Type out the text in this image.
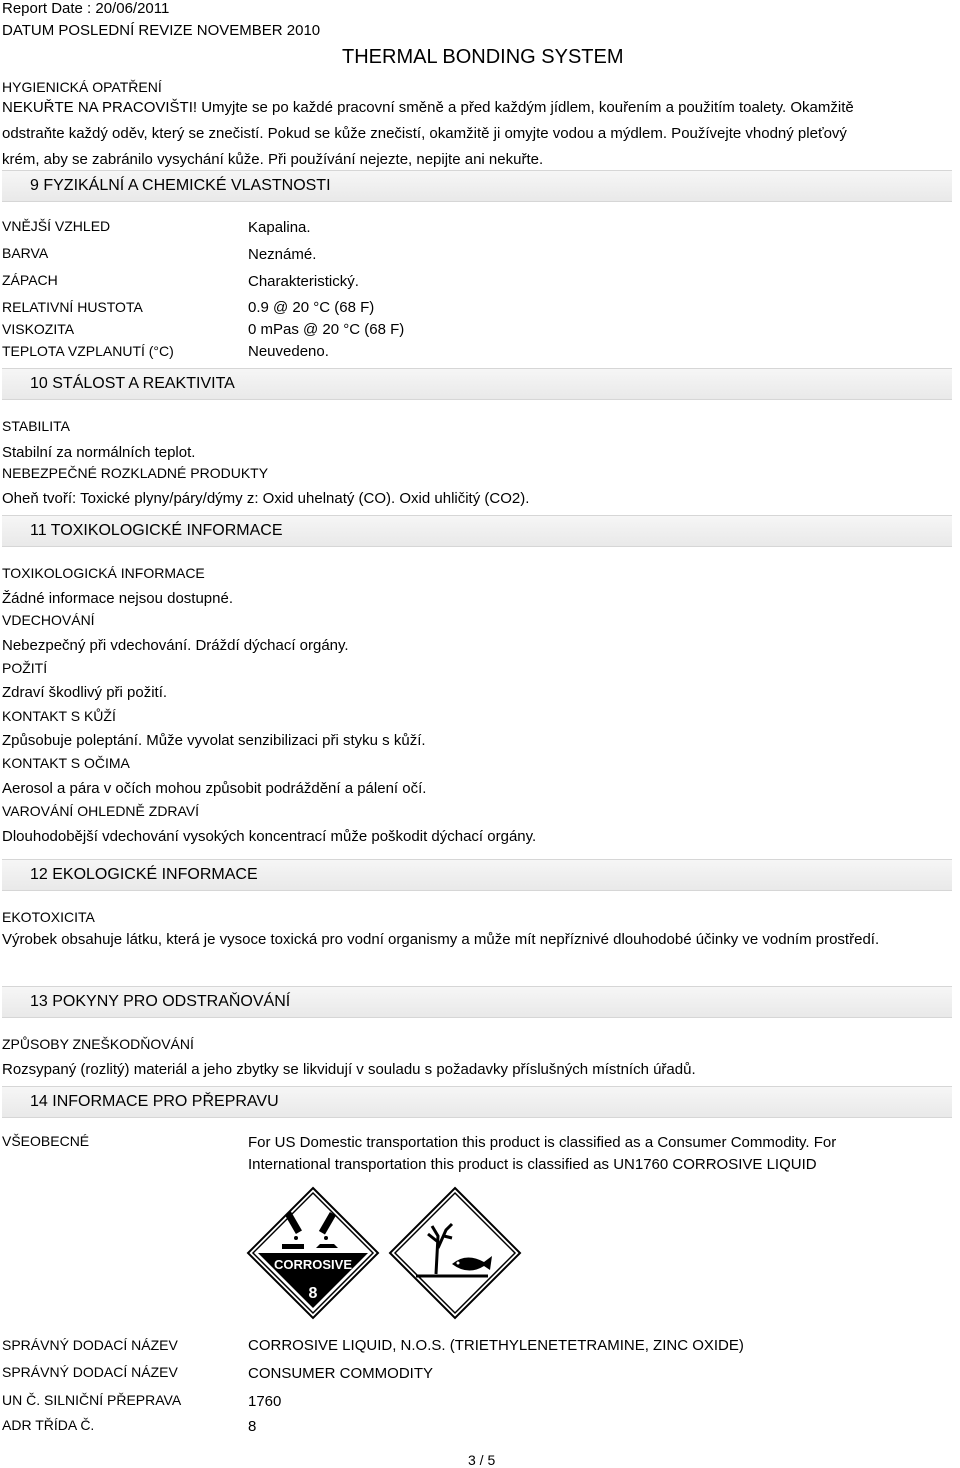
Report Date : 20/06/2011
DATUM POSLEDNÍ REVIZE NOVEMBER 2010
THERMAL BONDING SYSTEM
HYGIENICKÁ OPATŘENÍ
NEKUŘTE NA PRACOVIŠTI! Umyjte se po každé pracovní směně a před každým jídlem, kouřením a použitím toalety. Okamžitě odstraňte každý oděv, který se znečistí. Pokud se kůže znečistí, okamžitě ji omyjte vodou a mýdlem. Používejte vhodný pleťový krém, aby se zabránilo vysychání kůže. Při používání nejezte, nepijte ani nekuřte.
9 FYZIKÁLNÍ A CHEMICKÉ VLASTNOSTI
VNĚJŠÍ VZHLED	Kapalina.
BARVA	Neznámé.
ZÁPACH	Charakteristický.
RELATIVNÍ HUSTOTA	0.9 @ 20 °C (68 F)
VISKOZITA	0 mPas @ 20 °C (68 F)
TEPLOTA VZPLANUTÍ (°C)	Neuvedeno.
10 STÁLOST A REAKTIVITA
STABILITA
Stabilní za normálních teplot.
NEBEZPEČNÉ ROZKLADNÉ PRODUKTY
Oheň tvoří: Toxické plyny/páry/dýmy z: Oxid uhelnatý (CO). Oxid uhličitý (CO2).
11 TOXIKOLOGICKÉ INFORMACE
TOXIKOLOGICKÁ INFORMACE
Žádné informace nejsou dostupné.
VDECHOVÁNÍ
Nebezpečný při vdechování. Dráždí dýchací orgány.
POŽITÍ
Zdraví škodlivý při požití.
KONTAKT S KŮŽÍ
Způsobuje poleptání. Může vyvolat senzibilizaci při styku s kůží.
KONTAKT S OČIMA
Aerosol a pára v očích mohou způsobit podráždění a pálení očí.
VAROVÁNÍ OHLEDNĚ ZDRAVÍ
Dlouhodobější vdechování vysokých koncentrací může poškodit dýchací orgány.
12 EKOLOGICKÉ INFORMACE
EKOTOXICITA
Výrobek obsahuje látku, která je vysoce toxická pro vodní organismy a může mít nepříznivé dlouhodobé účinky ve vodním prostředí.
13 POKYNY PRO ODSTRAŇOVÁNÍ
ZPŮSOBY ZNEŠKODŇOVÁNÍ
Rozsypaný (rozlitý) materiál a jeho zbytky se likvidují v souladu s požadavky příslušných místních úřadů.
14 INFORMACE PRO PŘEPRAVU
VŠEOBECNÉ	For US Domestic transportation this product is classified as a Consumer Commodity. For International transportation this product is classified as UN1760 CORROSIVE LIQUID
CORROSIVE
8
SPRÁVNÝ DODACÍ NÁZEV	CORROSIVE LIQUID, N.O.S. (TRIETHYLENETETRAMINE, ZINC OXIDE)
SPRÁVNÝ DODACÍ NÁZEV	CONSUMER COMMODITY
UN Č. SILNIČNÍ PŘEPRAVA	1760
ADR TŘÍDA Č.	8
3 / 5
